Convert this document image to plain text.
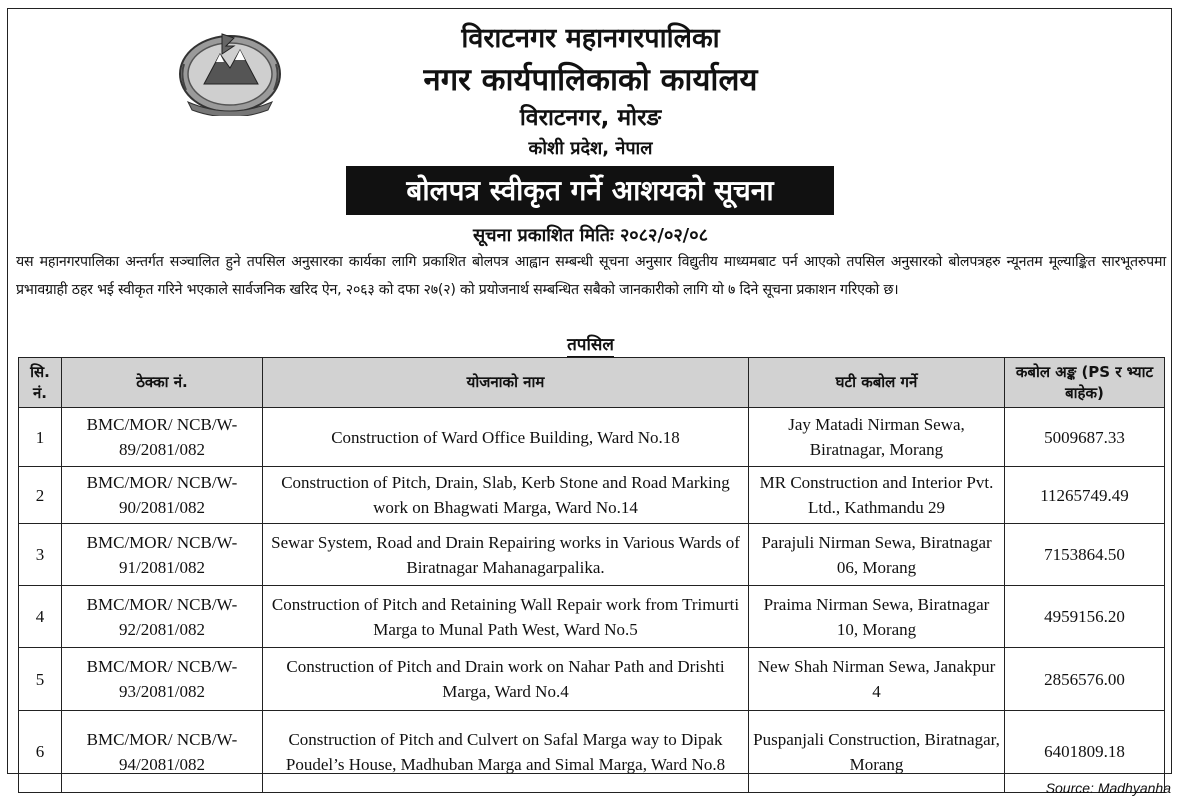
विराटनगर महानगरपालिका
नगर कार्यपालिकाको कार्यालय
विराटनगर, मोरङ
कोशी प्रदेश, नेपाल
बोलपत्र स्वीकृत गर्ने आशयको सूचना
सूचना प्रकाशित मितिः २०८२/०२/०८
यस महानगरपालिका अन्तर्गत सञ्चालित हुने तपसिल अनुसारका कार्यका लागि प्रकाशित बोलपत्र आह्वान सम्बन्धी सूचना अनुसार विद्युतीय माध्यमबाट पर्न आएको तपसिल अनुसारको बोलपत्रहरु न्यूनतम मूल्याङ्कित सारभूतरुपमा प्रभावग्राही ठहर भई स्वीकृत गरिने भएकाले सार्वजनिक खरिद ऐन, २०६३ को दफा २७(२) को प्रयोजनार्थ सम्बन्धित सबैको जानकारीको लागि यो ७ दिने सूचना प्रकाशन गरिएको छ।
तपसिल
सि. नं.	ठेक्का नं.	योजनाको नाम	घटी कबोल गर्ने	कबोल अङ्क (PS र भ्याट बाहेक)
1	BMC/MOR/ NCB/W-89/2081/082	Construction of Ward Office Building, Ward No.18	Jay Matadi Nirman Sewa, Biratnagar, Morang	5009687.33
2	BMC/MOR/ NCB/W-90/2081/082	Construction of Pitch, Drain, Slab, Kerb Stone and Road Marking work on Bhagwati Marga, Ward No.14	MR Construction and Interior Pvt. Ltd., Kathmandu 29	11265749.49
3	BMC/MOR/ NCB/W-91/2081/082	Sewar System, Road and Drain Repairing works in Various Wards of Biratnagar Mahanagarpalika.	Parajuli Nirman Sewa, Biratnagar 06, Morang	7153864.50
4	BMC/MOR/ NCB/W-92/2081/082	Construction of Pitch and Retaining Wall Repair work from Trimurti Marga to Munal Path West, Ward No.5	Praima Nirman Sewa, Biratnagar 10, Morang	4959156.20
5	BMC/MOR/ NCB/W-93/2081/082	Construction of Pitch and Drain work on Nahar Path and Drishti Marga, Ward No.4	New Shah Nirman Sewa, Janakpur 4	2856576.00
6	BMC/MOR/ NCB/W-94/2081/082	Construction of Pitch and Culvert on Safal Marga way to Dipak Poudel’s House, Madhuban Marga and Simal Marga, Ward No.8	Puspanjali Construction, Biratnagar, Morang	6401809.18
Source: Madhyanha
